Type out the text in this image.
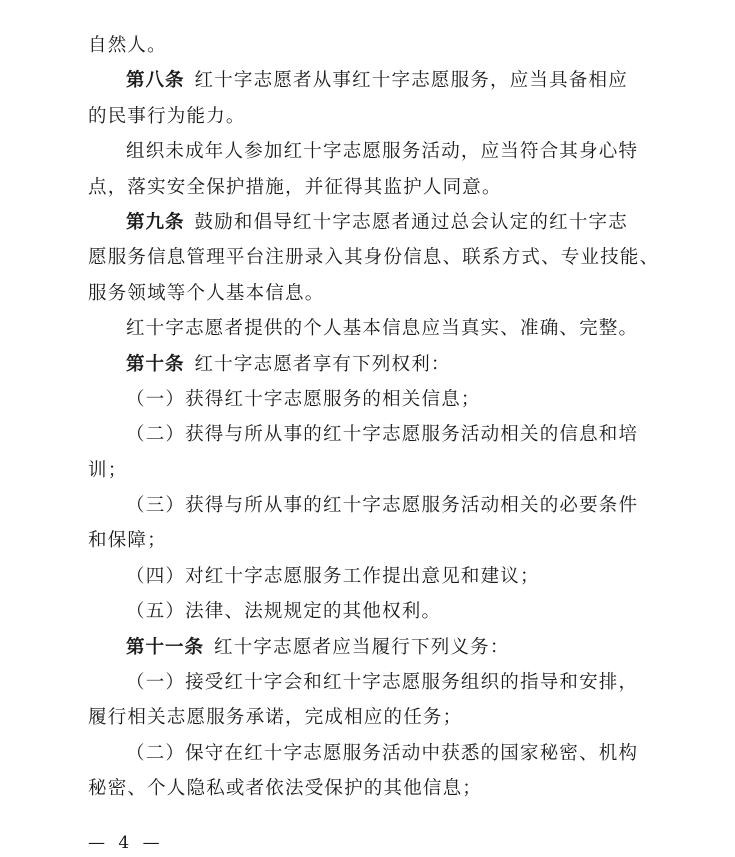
自然人。
第八条 红十字志愿者从事红十字志愿服务，应当具备相应
的民事行为能力。
组织未成年人参加红十字志愿服务活动，应当符合其身心特
点，落实安全保护措施，并征得其监护人同意。
第九条 鼓励和倡导红十字志愿者通过总会认定的红十字志
愿服务信息管理平台注册录入其身份信息、联系方式、专业技能、
服务领域等个人基本信息。
红十字志愿者提供的个人基本信息应当真实、准确、完整。
第十条 红十字志愿者享有下列权利：
（一）获得红十字志愿服务的相关信息；
（二）获得与所从事的红十字志愿服务活动相关的信息和培
训；
（三）获得与所从事的红十字志愿服务活动相关的必要条件
和保障；
（四）对红十字志愿服务工作提出意见和建议；
（五）法律、法规规定的其他权利。
第十一条 红十字志愿者应当履行下列义务：
（一）接受红十字会和红十字志愿服务组织的指导和安排，
履行相关志愿服务承诺，完成相应的任务；
（二）保守在红十字志愿服务活动中获悉的国家秘密、机构
秘密、个人隐私或者依法受保护的其他信息；
— 4 —
